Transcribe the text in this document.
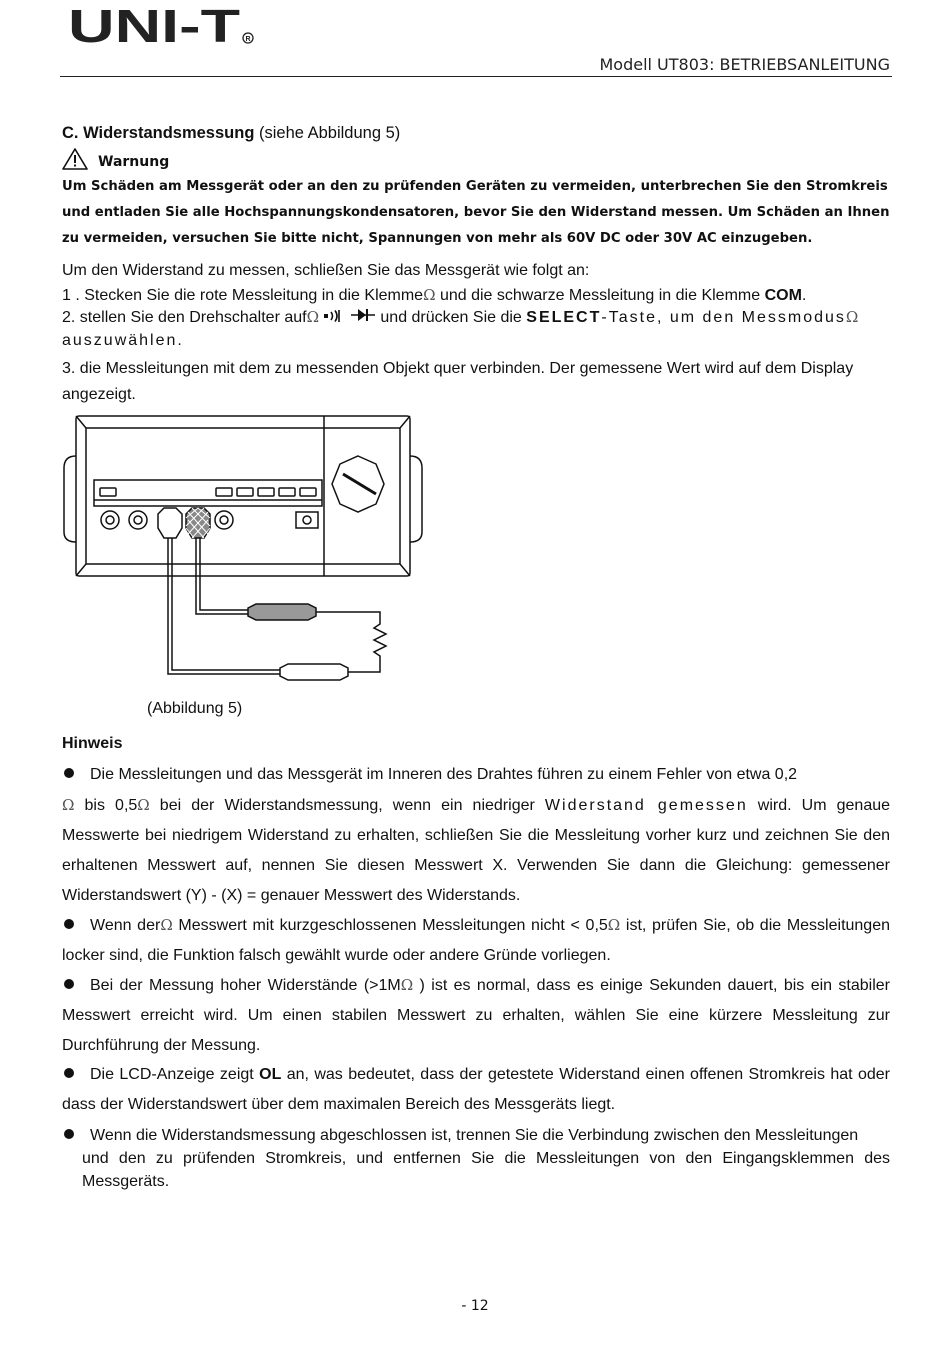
UNI-T R
Modell UT803: BETRIEBSANLEITUNG
C. Widerstandsmessung (siehe Abbildung 5)
Warnung
Um Schäden am Messgerät oder an den zu prüfenden Geräten zu vermeiden, unterbrechen Sie den Stromkreis und entladen Sie alle Hochspannungskondensatoren, bevor Sie den Widerstand messen. Um Schäden an Ihnen zu vermeiden, versuchen Sie bitte nicht, Spannungen von mehr als 60V DC oder 30V AC einzugeben.
Um den Widerstand zu messen, schließen Sie das Messgerät wie folgt an:
1 . Stecken Sie die rote Messleitung in die KlemmeΩ und die schwarze Messleitung in die Klemme COM.
2. stellen Sie den Drehschalter aufΩ	und drücken Sie die SELECT-Taste, um den MessmodusΩ
auszuwählen.
3. die Messleitungen mit dem zu messenden Objekt quer verbinden. Der gemessene Wert wird auf dem Display angezeigt.
(Abbildung 5)
Hinweis
Die Messleitungen und das Messgerät im Inneren des Drahtes führen zu einem Fehler von etwa 0,2
Ω bis 0,5Ω bei der Widerstandsmessung, wenn ein niedriger Widerstand gemessen wird. Um genaue Messwerte bei niedrigem Widerstand zu erhalten, schließen Sie die Messleitung vorher kurz und zeichnen Sie den erhaltenen Messwert auf, nennen Sie diesen Messwert X. Verwenden Sie dann die Gleichung: gemessener Widerstandswert (Y) - (X) = genauer Messwert des Widerstands.
Wenn derΩ Messwert mit kurzgeschlossenen Messleitungen nicht < 0,5Ω ist, prüfen Sie, ob die Messleitungen locker sind, die Funktion falsch gewählt wurde oder andere Gründe vorliegen.
Bei der Messung hoher Widerstände (>1MΩ ) ist es normal, dass es einige Sekunden dauert, bis ein stabiler Messwert erreicht wird. Um einen stabilen Messwert zu erhalten, wählen Sie eine kürzere Messleitung zur Durchführung der Messung.
Die LCD-Anzeige zeigt OL an, was bedeutet, dass der getestete Widerstand einen offenen Stromkreis hat oder dass der Widerstandswert über dem maximalen Bereich des Messgeräts liegt.
Wenn die Widerstandsmessung abgeschlossen ist, trennen Sie die Verbindung zwischen den Messleitungen
und den zu prüfenden Stromkreis, und entfernen Sie die Messleitungen von den Eingangsklemmen des Messgeräts.
- 12
